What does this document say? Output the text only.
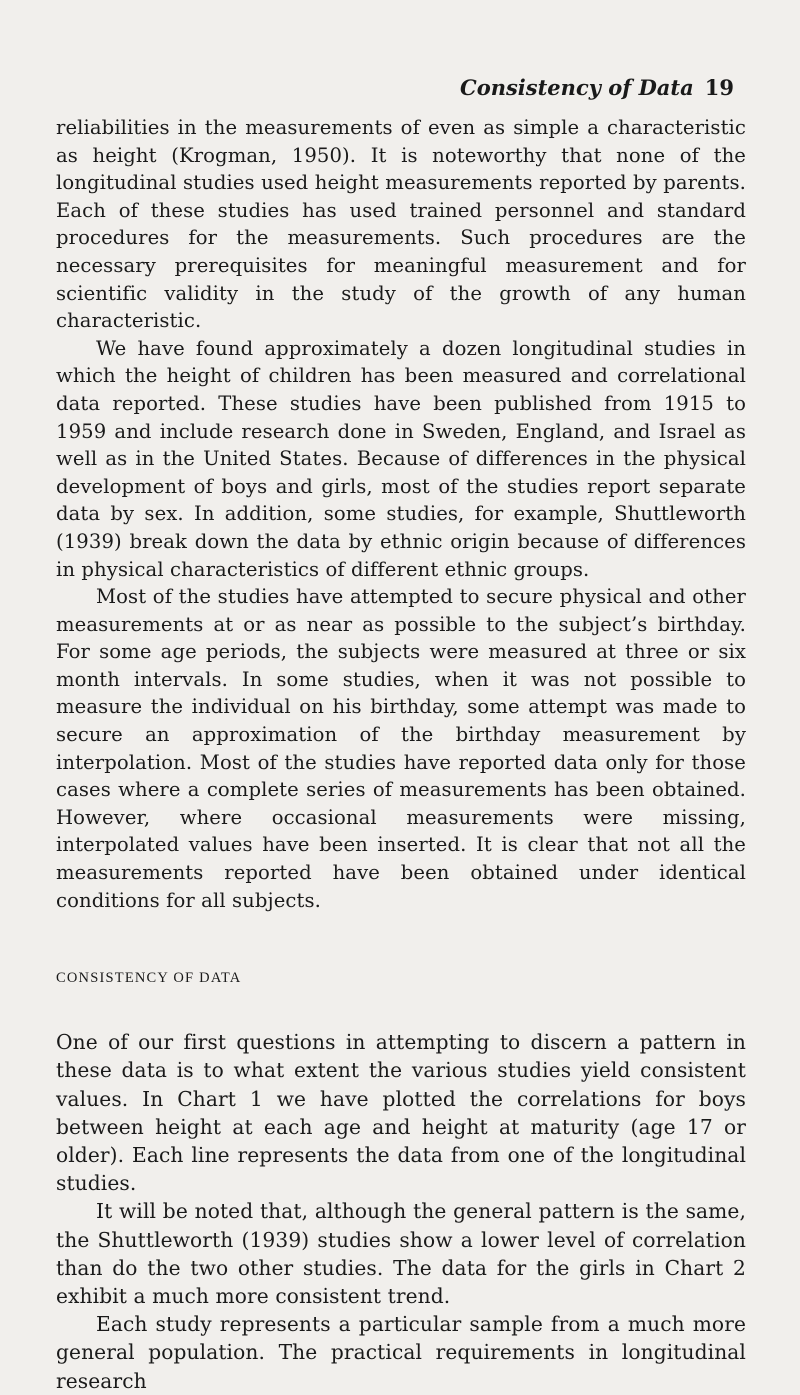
Consistency of Data 19

reliabilities in the measurements of even as simple a characteristic as height (Krogman, 1950). It is noteworthy that none of the longitudinal studies used height measurements reported by parents. Each of these studies has used trained personnel and standard procedures for the measurements. Such procedures are the necessary prerequisites for meaningful measurement and for scientific validity in the study of the growth of any human characteristic.

We have found approximately a dozen longitudinal studies in which the height of children has been measured and correlational data reported. These studies have been published from 1915 to 1959 and include research done in Sweden, England, and Israel as well as in the United States. Because of differences in the physical development of boys and girls, most of the studies report separate data by sex. In addition, some studies, for example, Shuttleworth (1939) break down the data by ethnic origin because of differences in physical characteristics of different ethnic groups.

Most of the studies have attempted to secure physical and other measurements at or as near as possible to the subject’s birthday. For some age periods, the subjects were measured at three or six month intervals. In some studies, when it was not possible to measure the individual on his birthday, some attempt was made to secure an approximation of the birthday measurement by interpolation. Most of the studies have reported data only for those cases where a complete series of measurements has been obtained. However, where occasional measurements were missing, interpolated values have been inserted. It is clear that not all the measurements reported have been obtained under identical conditions for all subjects.

CONSISTENCY OF DATA

One of our first questions in attempting to discern a pattern in these data is to what extent the various studies yield consistent values. In Chart 1 we have plotted the correlations for boys between height at each age and height at maturity (age 17 or older). Each line represents the data from one of the longitudinal studies.

It will be noted that, although the general pattern is the same, the Shuttleworth (1939) studies show a lower level of correlation than do the two other studies. The data for the girls in Chart 2 exhibit a much more consistent trend.

Each study represents a particular sample from a much more general population. The practical requirements in longitudinal research
